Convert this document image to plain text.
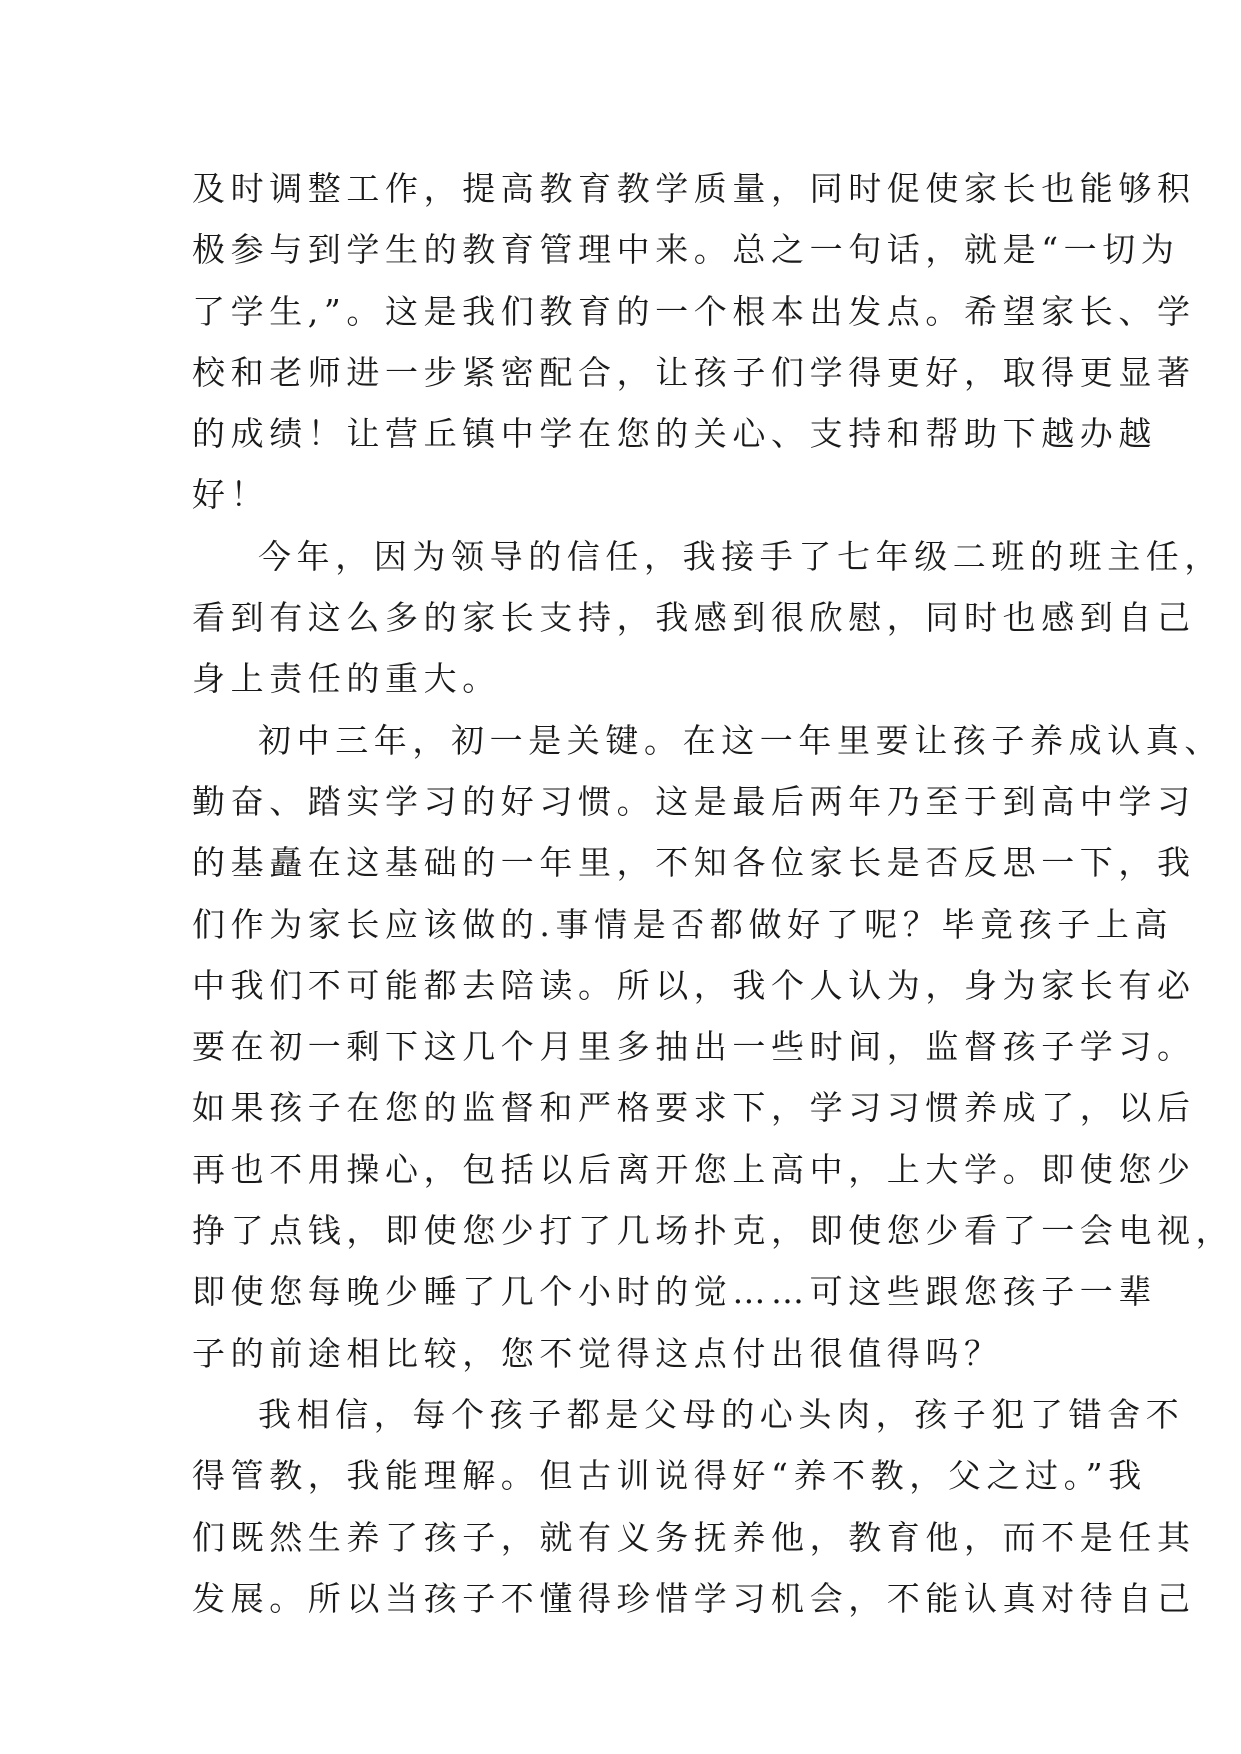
及时调整工作，提高教育教学质量，同时促使家长也能够积
极参与到学生的教育管理中来。总之一句话，就是“一切为
了学生,”。这是我们教育的一个根本出发点。希望家长、学
校和老师进一步紧密配合，让孩子们学得更好，取得更显著
的成绩！让营丘镇中学在您的关心、支持和帮助下越办越
好！
今年，因为领导的信任，我接手了七年级二班的班主任，
看到有这么多的家长支持，我感到很欣慰，同时也感到自己
身上责任的重大。
初中三年，初一是关键。在这一年里要让孩子养成认真、
勤奋、踏实学习的好习惯。这是最后两年乃至于到高中学习
的基矗在这基础的一年里，不知各位家长是否反思一下，我
们作为家长应该做的.事情是否都做好了呢？毕竟孩子上高
中我们不可能都去陪读。所以，我个人认为，身为家长有必
要在初一剩下这几个月里多抽出一些时间，监督孩子学习。
如果孩子在您的监督和严格要求下，学习习惯养成了，以后
再也不用操心，包括以后离开您上高中，上大学。即使您少
挣了点钱，即使您少打了几场扑克，即使您少看了一会电视，
即使您每晚少睡了几个小时的觉……可这些跟您孩子一辈
子的前途相比较，您不觉得这点付出很值得吗？
我相信，每个孩子都是父母的心头肉，孩子犯了错舍不
得管教，我能理解。但古训说得好“养不教，父之过。”我
们既然生养了孩子，就有义务抚养他，教育他，而不是任其
发展。所以当孩子不懂得珍惜学习机会，不能认真对待自己
